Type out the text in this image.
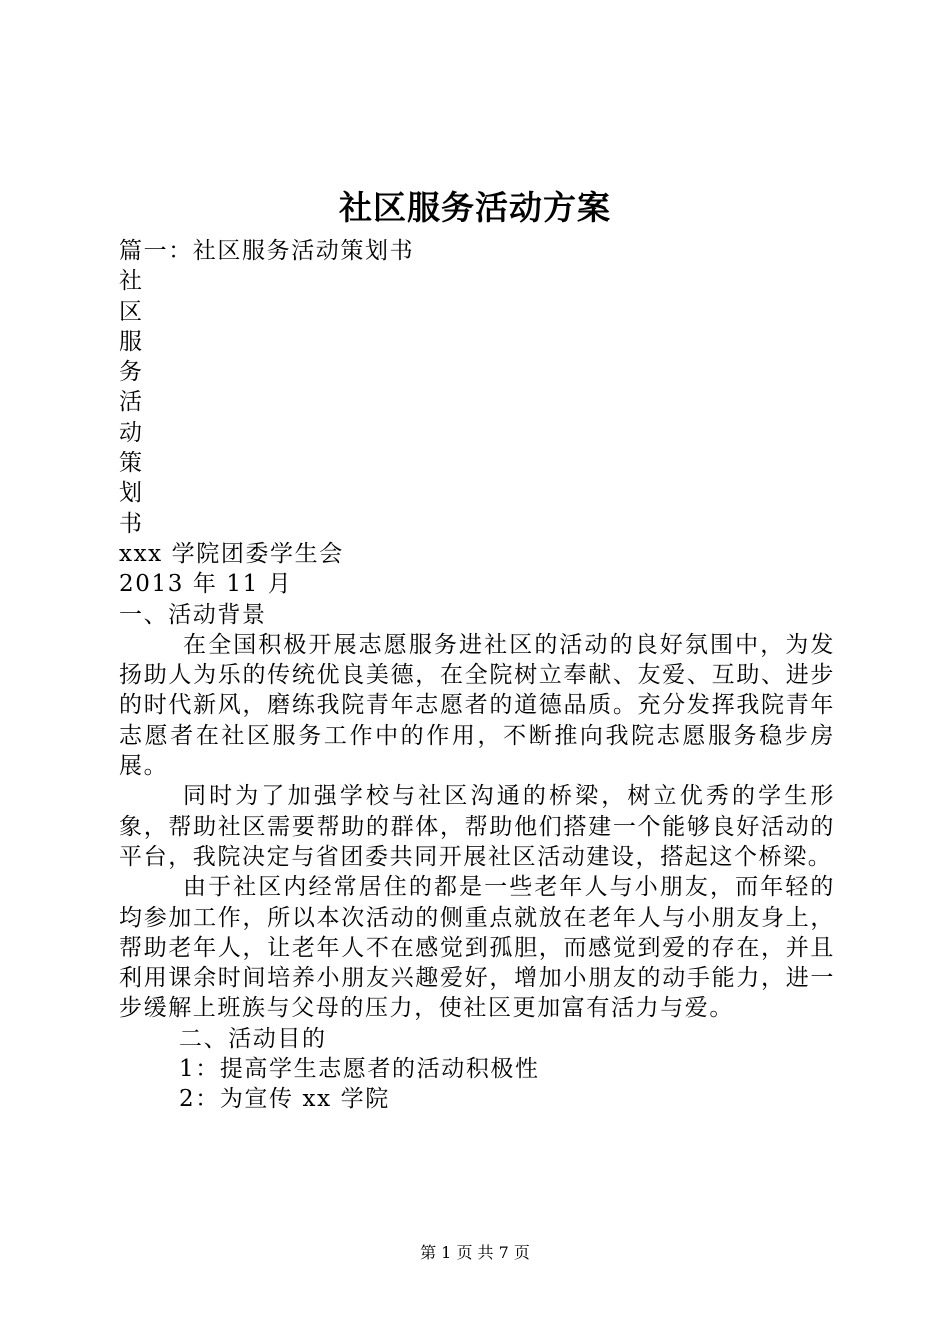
社区服务活动方案
篇一：社区服务活动策划书
社
区
服
务
活
动
策
划
书
xxx 学院团委学生会
2013 年 11 月
一、活动背景
在全国积极开展志愿服务进社区的活动的良好氛围中，为发扬助人为乐的传统优良美德，在全院树立奉献、友爱、互助、进步的时代新风，磨练我院青年志愿者的道德品质。充分发挥我院青年志愿者在社区服务工作中的作用，不断推向我院志愿服务稳步房展。
同时为了加强学校与社区沟通的桥梁，树立优秀的学生形象，帮助社区需要帮助的群体，帮助他们搭建一个能够良好活动的平台，我院决定与省团委共同开展社区活动建设，搭起这个桥梁。
由于社区内经常居住的都是一些老年人与小朋友，而年轻的均参加工作，所以本次活动的侧重点就放在老年人与小朋友身上，帮助老年人，让老年人不在感觉到孤胆，而感觉到爱的存在，并且利用课余时间培养小朋友兴趣爱好，增加小朋友的动手能力，进一步缓解上班族与父母的压力，使社区更加富有活力与爱。
二、活动目的
1：提高学生志愿者的活动积极性
2：为宣传 xx 学院
第 1 页 共 7 页
